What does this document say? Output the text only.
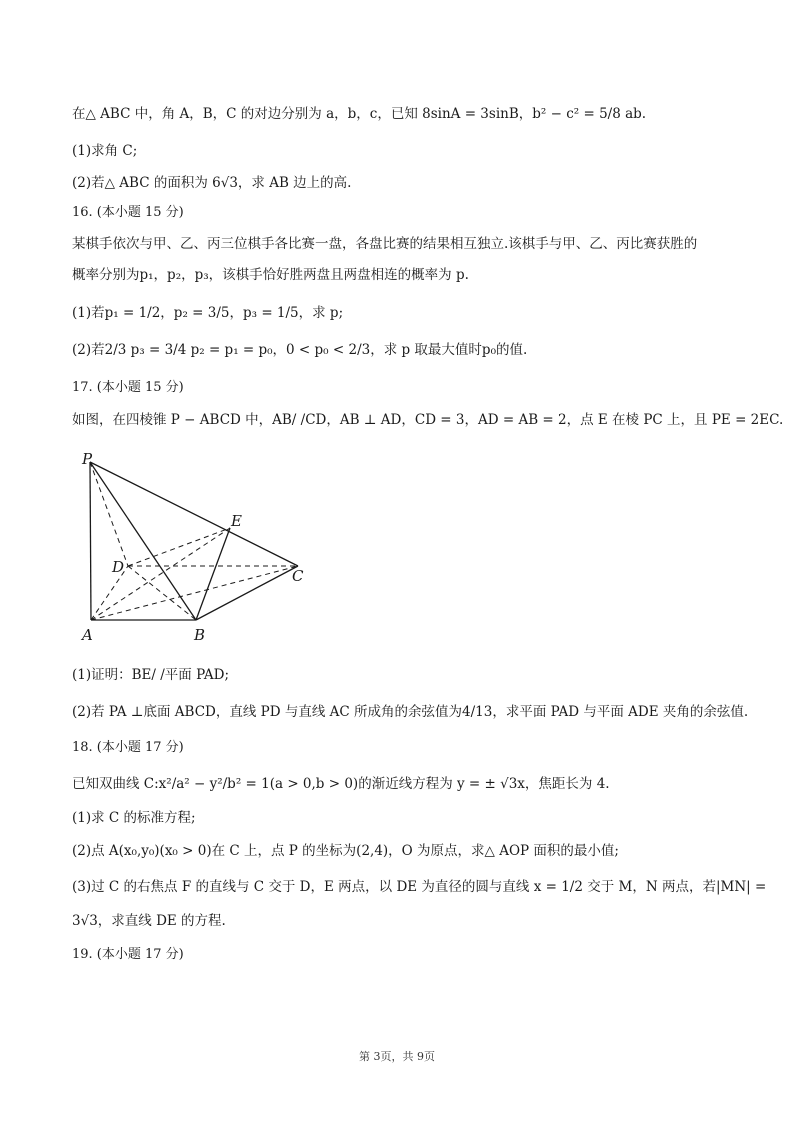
在△ ABC 中，角 A，B，C 的对边分别为 a，b，c，已知 8sinA = 3sinB，b² − c² = 5/8 ab.
(1)求角 C;
(2)若△ ABC 的面积为 6√3，求 AB 边上的高.
16. (本小题 15 分)
某棋手依次与甲、乙、丙三位棋手各比赛一盘，各盘比赛的结果相互独立.该棋手与甲、乙、丙比赛获胜的
概率分别为p₁，p₂，p₃，该棋手恰好胜两盘且两盘相连的概率为 p.
(1)若p₁ = 1/2，p₂ = 3/5，p₃ = 1/5，求 p;
(2)若2/3 p₃ = 3/4 p₂ = p₁ = p₀，0 < p₀ < 2/3，求 p 取最大值时p₀的值.
17. (本小题 15 分)
如图，在四棱锥 P − ABCD 中，AB/ /CD，AB ⊥ AD，CD = 3，AD = AB = 2，点 E 在棱 PC 上，且 PE = 2EC.
P
E
D	C
A	B
(1)证明：BE/ /平面 PAD;
(2)若 PA ⊥底面 ABCD，直线 PD 与直线 AC 所成角的余弦值为4/13，求平面 PAD 与平面 ADE 夹角的余弦值.
18. (本小题 17 分)
已知双曲线 C:x²/a² − y²/b² = 1(a > 0,b > 0)的渐近线方程为 y = ± √3x，焦距长为 4.
(1)求 C 的标准方程;
(2)点 A(x₀,y₀)(x₀ > 0)在 C 上，点 P 的坐标为(2,4)，O 为原点，求△ AOP 面积的最小值;
(3)过 C 的右焦点 F 的直线与 C 交于 D，E 两点，以 DE 为直径的圆与直线 x = 1/2 交于 M，N 两点，若|MN| =
3√3，求直线 DE 的方程.
19. (本小题 17 分)
第 3页，共 9页
